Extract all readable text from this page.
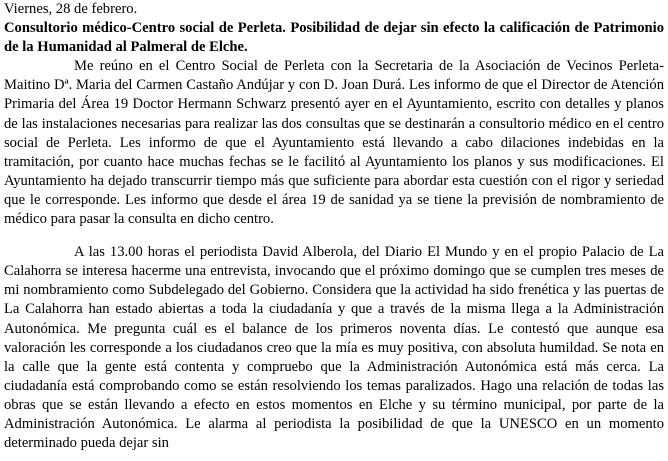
Viernes, 28 de febrero.

Consultorio médico-Centro social de Perleta. Posibilidad de dejar sin efecto la calificación de Patrimonio de la Humanidad al Palmeral de Elche.

Me reúno en el Centro Social de Perleta con la Secretaria de la Asociación de Vecinos Perleta-Maitino Dª. Maria del Carmen Castaño Andújar y con D. Joan Durá. Les informo de que el Director de Atención Primaria del Área 19 Doctor Hermann Schwarz presentó ayer en el Ayuntamiento, escrito con detalles y planos de las instalaciones necesarias para realizar las dos consultas que se destinarán a consultorio médico en el centro social de Perleta. Les informo de que el Ayuntamiento está llevando a cabo dilaciones indebidas en la tramitación, por cuanto hace muchas fechas se le facilitó al Ayuntamiento los planos y sus modificaciones. El Ayuntamiento ha dejado transcurrir tiempo más que suficiente para abordar esta cuestión con el rigor y seriedad que le corresponde. Les informo que desde el área 19 de sanidad ya se tiene la previsión de nombramiento de médico para pasar la consulta en dicho centro.

A las 13.00 horas el periodista David Alberola, del Diario El Mundo y en el propio Palacio de La Calahorra se interesa hacerme una entrevista, invocando que el próximo domingo que se cumplen tres meses de mi nombramiento como Subdelegado del Gobierno. Considera que la actividad ha sido frenética y las puertas de La Calahorra han estado abiertas a toda la ciudadanía y que a través de la misma llega a la Administración Autonómica. Me pregunta cuál es el balance de los primeros noventa días. Le contestó que aunque esa valoración les corresponde a los ciudadanos creo que la mía es muy positiva, con absoluta humildad. Se nota en la calle que la gente está contenta y compruebo que la Administración Autonómica está más cerca. La ciudadanía está comprobando como se están resolviendo los temas paralizados. Hago una relación de todas las obras que se están llevando a efecto en estos momentos en Elche y su término municipal, por parte de la Administración Autonómica. Le alarma al periodista la posibilidad de que la UNESCO en un momento determinado pueda dejar sin
